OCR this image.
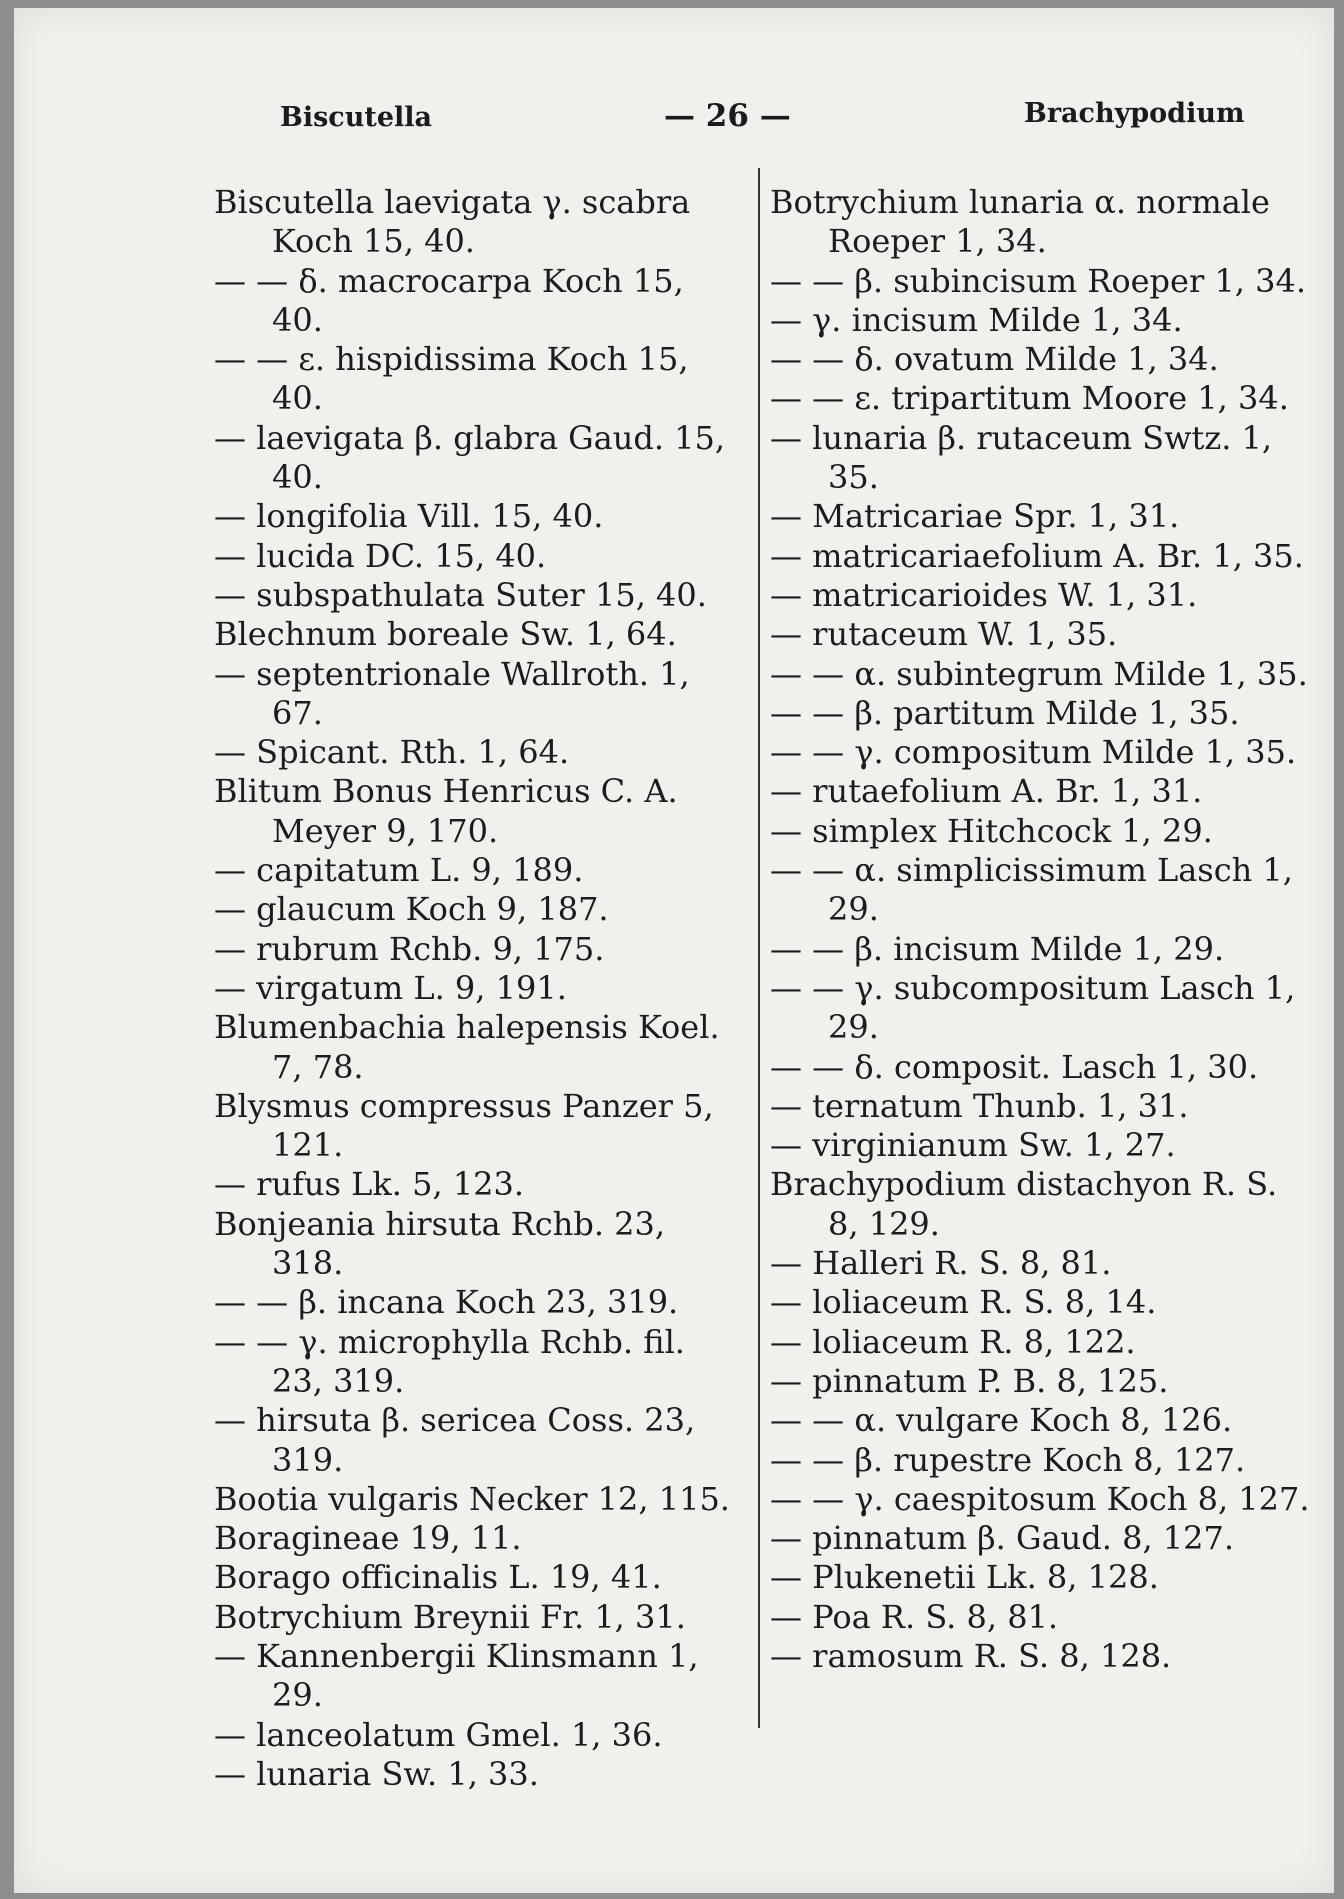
Biscutella	— 26 —	Brachypodium

Biscutella laevigata γ. scabra Koch 15, 40.

— — δ. macrocarpa Koch 15, 40.

— — ε. hispidissima Koch 15, 40.

— laevigata β. glabra Gaud. 15, 40.

— longifolia Vill. 15, 40.

— lucida DC. 15, 40.

— subspathulata Suter 15, 40.

Blechnum boreale Sw. 1, 64.

— septentrionale Wallroth. 1, 67.

— Spicant. Rth. 1, 64.

Blitum Bonus Henricus C. A. Meyer 9, 170.

— capitatum L. 9, 189.

— glaucum Koch 9, 187.

— rubrum Rchb. 9, 175.

— virgatum L. 9, 191.

Blumenbachia halepensis Koel. 7, 78.

Blysmus compressus Panzer 5, 121.

— rufus Lk. 5, 123.

Bonjeania hirsuta Rchb. 23, 318.

— — β. incana Koch 23, 319.

— — γ. microphylla Rchb. fil. 23, 319.

— hirsuta β. sericea Coss. 23, 319.

Bootia vulgaris Necker 12, 115.

Boragineae 19, 11.

Borago officinalis L. 19, 41.

Botrychium Breynii Fr. 1, 31.

— Kannenbergii Klinsmann 1, 29.

— lanceolatum Gmel. 1, 36.

— lunaria Sw. 1, 33.

Botrychium lunaria α. normale Roeper 1, 34.

— — β. subincisum Roeper 1, 34.

— γ. incisum Milde 1, 34.

— — δ. ovatum Milde 1, 34.

— — ε. tripartitum Moore 1, 34.

— lunaria β. rutaceum Swtz. 1, 35.

— Matricariae Spr. 1, 31.

— matricariaefolium A. Br. 1, 35.

— matricarioides W. 1, 31.

— rutaceum W. 1, 35.

— — α. subintegrum Milde 1, 35.

— — β. partitum Milde 1, 35.

— — γ. compositum Milde 1, 35.

— rutaefolium A. Br. 1, 31.

— simplex Hitchcock 1, 29.

— — α. simplicissimum Lasch 1, 29.

— — β. incisum Milde 1, 29.

— — γ. subcompositum Lasch 1, 29.

— — δ. composit. Lasch 1, 30.

— ternatum Thunb. 1, 31.

— virginianum Sw. 1, 27.

Brachypodium distachyon R. S. 8, 129.

— Halleri R. S. 8, 81.

— loliaceum R. S. 8, 14.

— loliaceum R. 8, 122.

— pinnatum P. B. 8, 125.

— — α. vulgare Koch 8, 126.

— — β. rupestre Koch 8, 127.

— — γ. caespitosum Koch 8, 127.

— pinnatum β. Gaud. 8, 127.

— Plukenetii Lk. 8, 128.

— Poa R. S. 8, 81.

— ramosum R. S. 8, 128.
